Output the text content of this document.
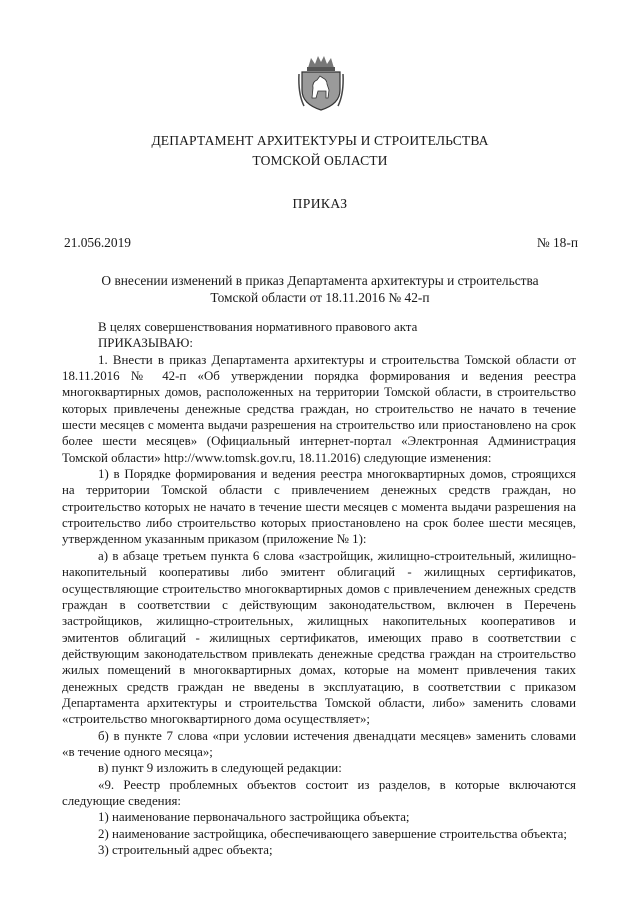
ДЕПАРТАМЕНТ АРХИТЕКТУРЫ И СТРОИТЕЛЬСТВА
ТОМСКОЙ ОБЛАСТИ
ПРИКАЗ
21.056.2019	№ 18-п
О внесении изменений в приказ Департамента архитектуры и строительства
Томской области от 18.11.2016 № 42-п

В целях совершенствования нормативного правового акта

ПРИКАЗЫВАЮ:

1. Внести в приказ Департамента архитектуры и строительства Томской области от 18.11.2016 № 42-п «Об утверждении порядка формирования и ведения реестра многоквартирных домов, расположенных на территории Томской области, в строительство которых привлечены денежные средства граждан, но строительство не начато в течение шести месяцев с момента выдачи разрешения на строительство или приостановлено на срок более шести месяцев» (Официальный интернет-портал «Электронная Администрация Томской области» http://www.tomsk.gov.ru, 18.11.2016) следующие изменения:

1) в Порядке формирования и ведения реестра многоквартирных домов, строящихся на территории Томской области с привлечением денежных средств граждан, но строительство которых не начато в течение шести месяцев с момента выдачи разрешения на строительство либо строительство которых приостановлено на срок более шести месяцев, утвержденном указанным приказом (приложение № 1):

а) в абзаце третьем пункта 6 слова «застройщик, жилищно-строительный, жилищно-накопительный кооперативы либо эмитент облигаций - жилищных сертификатов, осуществляющие строительство многоквартирных домов с привлечением денежных средств граждан в соответствии с действующим законодательством, включен в Перечень застройщиков, жилищно-строительных, жилищных накопительных кооперативов и эмитентов облигаций - жилищных сертификатов, имеющих право в соответствии с действующим законодательством привлекать денежные средства граждан на строительство жилых помещений в многоквартирных домах, которые на момент привлечения таких денежных средств граждан не введены в эксплуатацию, в соответствии с приказом Департамента архитектуры и строительства Томской области, либо» заменить словами «строительство многоквартирного дома осуществляет»;

б) в пункте 7 слова «при условии истечения двенадцати месяцев» заменить словами «в течение одного месяца»;

в) пункт 9 изложить в следующей редакции:

«9. Реестр проблемных объектов состоит из разделов, в которые включаются следующие сведения:

1) наименование первоначального застройщика объекта;

2) наименование застройщика, обеспечивающего завершение строительства объекта;

3) строительный адрес объекта;
